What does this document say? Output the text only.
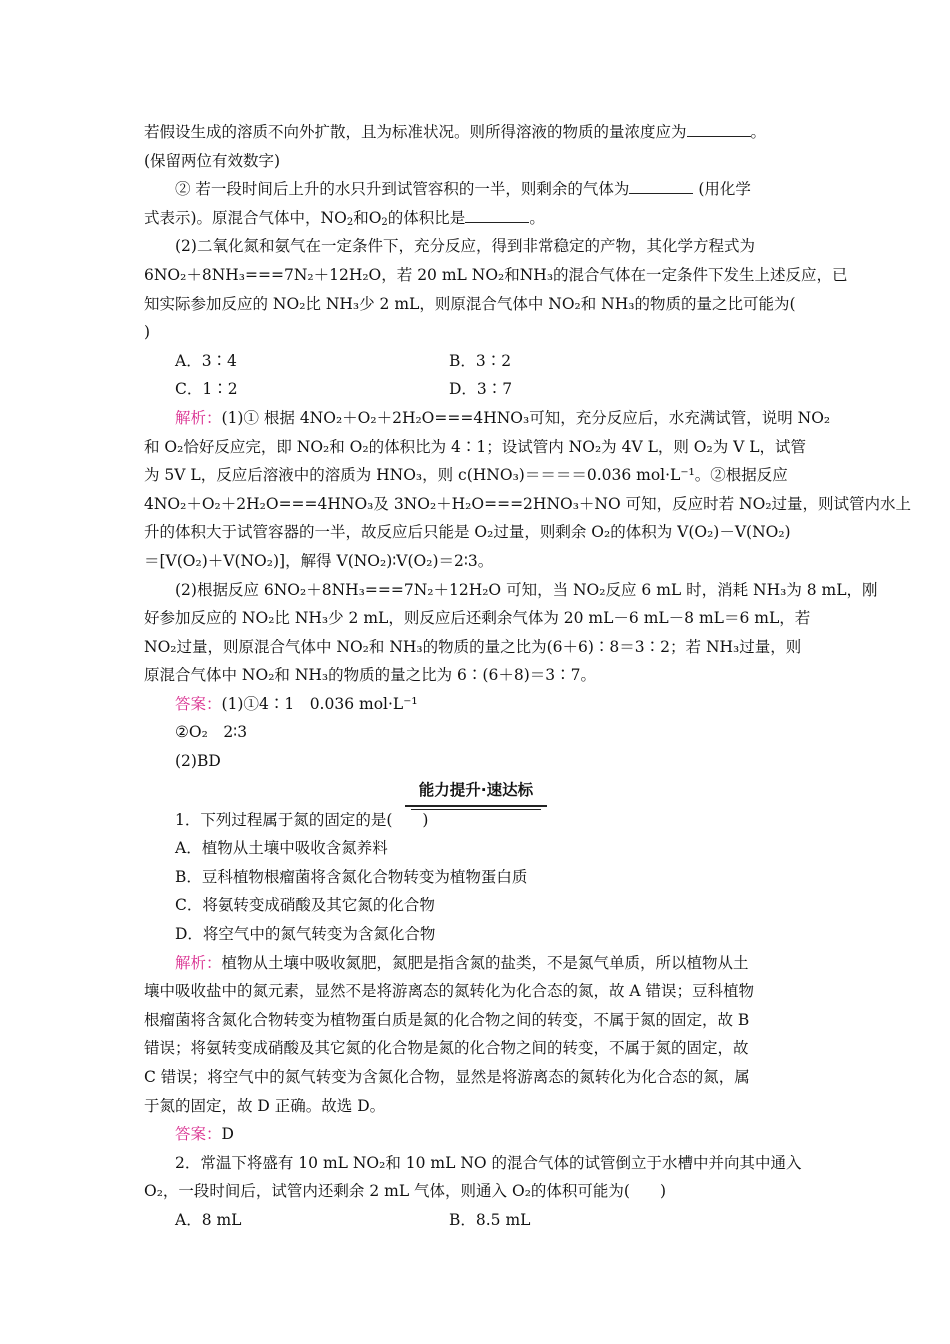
若假设生成的溶质不向外扩散，且为标准状况。则所得溶液的物质的量浓度应为	。
(保留两位有效数字)
② 若一段时间后上升的水只升到试管容积的一半，则剩余的气体为	(用化学
式表示)。原混合气体中，$NO_2$和$O_2$的体积比是	。
(2)二氧化氮和氨气在一定条件下，充分反应，得到非常稳定的产物，其化学方程式为
6NO₂＋8NH₃===7N₂＋12H₂O，若 20 mL NO₂和NH₃的混合气体在一定条件下发生上述反应，已
知实际参加反应的 NO₂比 NH₃少 2 mL，则原混合气体中 NO₂和 NH₃的物质的量之比可能为(
)
A．3∶4	B．3∶2
C．1∶2	D．3∶7
解析：(1)① 根据 4NO₂＋O₂＋2H₂O===4HNO₃可知，充分反应后，水充满试管，说明 NO₂
和 O₂恰好反应完，即 NO₂和 O₂的体积比为 4∶1；设试管内 NO₂为 4V L，则 O₂为 V L，试管
为 5V L，反应后溶液中的溶质为 HNO₃，则 c(HNO₃)＝＝＝＝0.036 mol·L⁻¹。②根据反应
4NO₂＋O₂＋2H₂O===4HNO₃及 3NO₂＋H₂O===2HNO₃＋NO 可知，反应时若 NO₂过量，则试管内水上
升的体积大于试管容器的一半，故反应后只能是 O₂过量，则剩余 O₂的体积为 V(O₂)－V(NO₂)
＝[V(O₂)＋V(NO₂)]，解得 V(NO₂)∶V(O₂)＝2∶3。
(2)根据反应 6NO₂＋8NH₃===7N₂＋12H₂O 可知，当 NO₂反应 6 mL 时，消耗 NH₃为 8 mL，刚
好参加反应的 NO₂比 NH₃少 2 mL，则反应后还剩余气体为 20 mL－6 mL－8 mL＝6 mL，若
NO₂过量，则原混合气体中 NO₂和 NH₃的物质的量之比为(6＋6)∶8＝3∶2；若 NH₃过量，则
原混合气体中 NO₂和 NH₃的物质的量之比为 6∶(6＋8)＝3∶7。
答案：(1)①4∶1　0.036 mol·L⁻¹
②O₂　2∶3
(2)BD
能力提升·速达标
1．下列过程属于氮的固定的是( )
A．植物从土壤中吸收含氮养料
B．豆科植物根瘤菌将含氮化合物转变为植物蛋白质
C．将氨转变成硝酸及其它氮的化合物
D．将空气中的氮气转变为含氮化合物
解析：植物从土壤中吸收氮肥，氮肥是指含氮的盐类，不是氮气单质，所以植物从土
壤中吸收盐中的氮元素，显然不是将游离态的氮转化为化合态的氮，故 A 错误；豆科植物
根瘤菌将含氮化合物转变为植物蛋白质是氮的化合物之间的转变，不属于氮的固定，故 B
错误；将氨转变成硝酸及其它氮的化合物是氮的化合物之间的转变，不属于氮的固定，故
C 错误；将空气中的氮气转变为含氮化合物，显然是将游离态的氮转化为化合态的氮，属
于氮的固定，故 D 正确。故选 D。
答案：D
2．常温下将盛有 10 mL NO₂和 10 mL NO 的混合气体的试管倒立于水槽中并向其中通入
O₂，一段时间后，试管内还剩余 2 mL 气体，则通入 O₂的体积可能为( )
A．8 mL	B．8.5 mL
